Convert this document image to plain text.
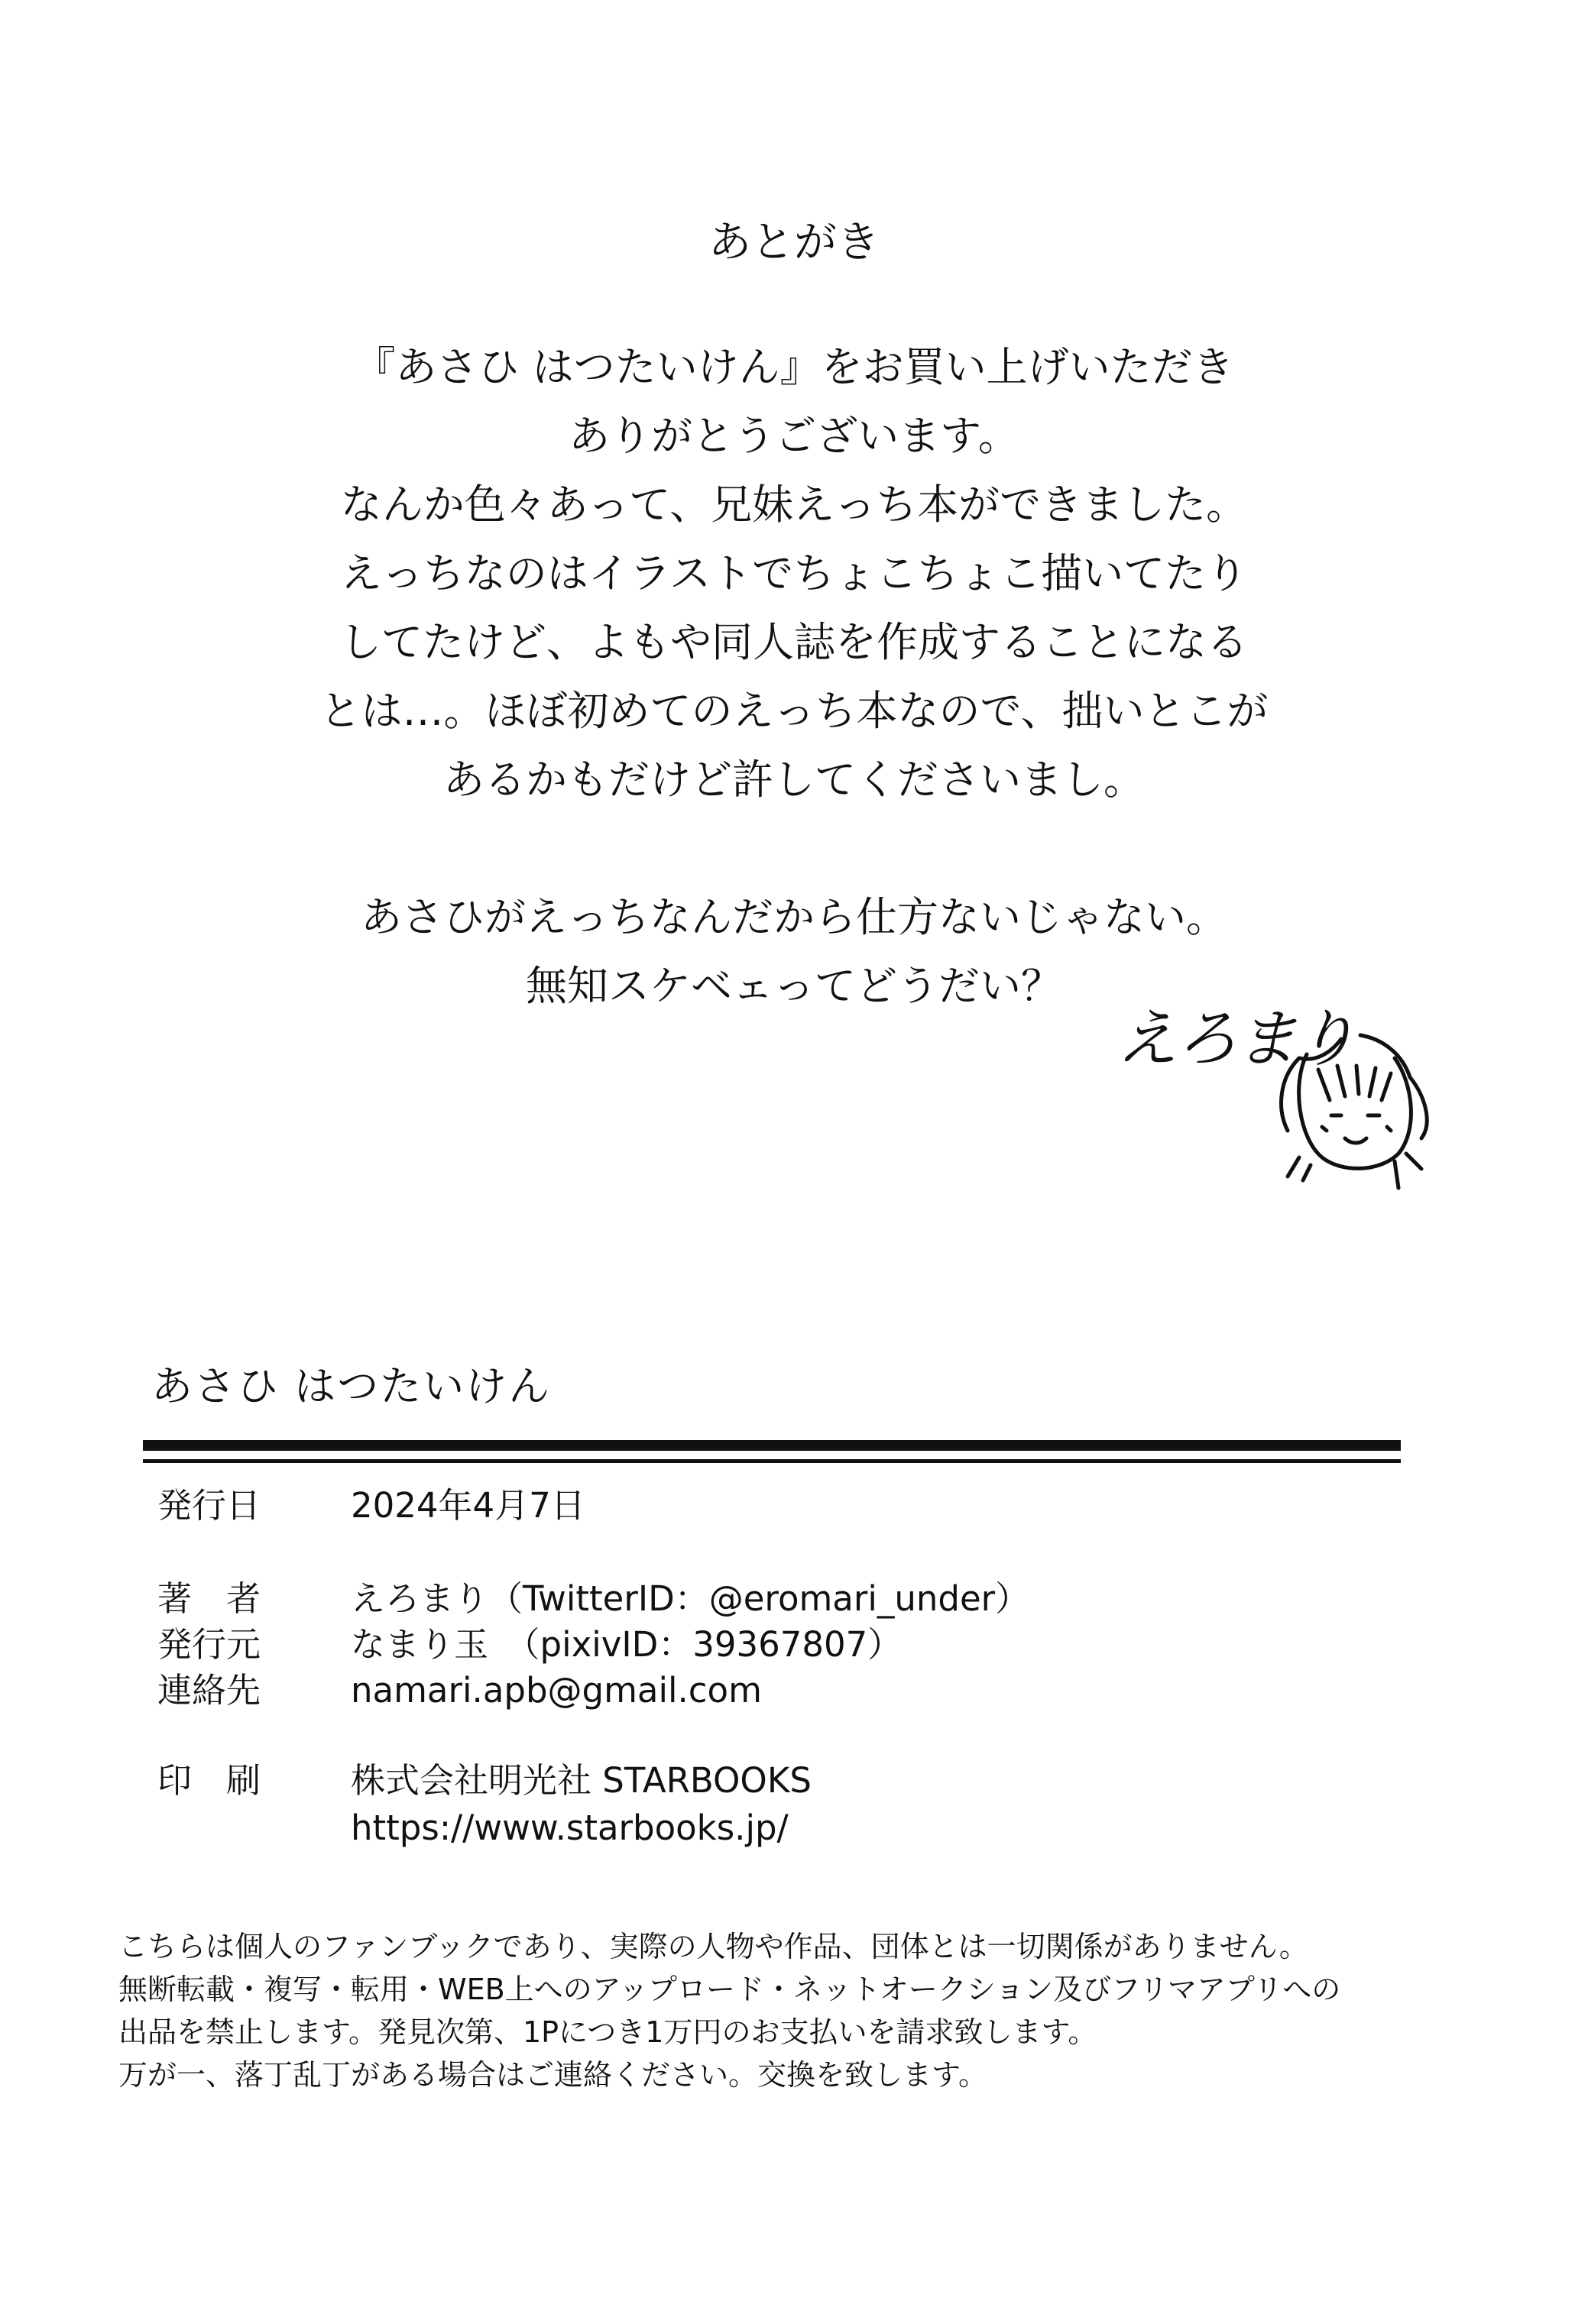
あとがき
『あさひ はつたいけん』をお買い上げいただき
ありがとうございます。
なんか色々あって、兄妹えっち本ができました。
えっちなのはイラストでちょこちょこ描いてたり
してたけど、よもや同人誌を作成することになる
とは…。ほぼ初めてのえっち本なので、拙いとこが
あるかもだけど許してくださいまし。
あさひがえっちなんだから仕方ないじゃない。
無知スケベェってどうだい？
えろまり
あさひ はつたいけん
発行日	2024年4月7日
著　者	えろまり（TwitterID：@eromari_under）
発行元	なまり玉　（pixivID：39367807）
連絡先	namari.apb@gmail.com
印　刷	株式会社明光社 STARBOOKS
https://www.starbooks.jp/
こちらは個人のファンブックであり、実際の人物や作品、団体とは一切関係がありません。
無断転載・複写・転用・WEB上へのアップロード・ネットオークション及びフリマアプリへの
出品を禁止します。発見次第、1Pにつき1万円のお支払いを請求致します。
万が一、落丁乱丁がある場合はご連絡ください。交換を致します。
